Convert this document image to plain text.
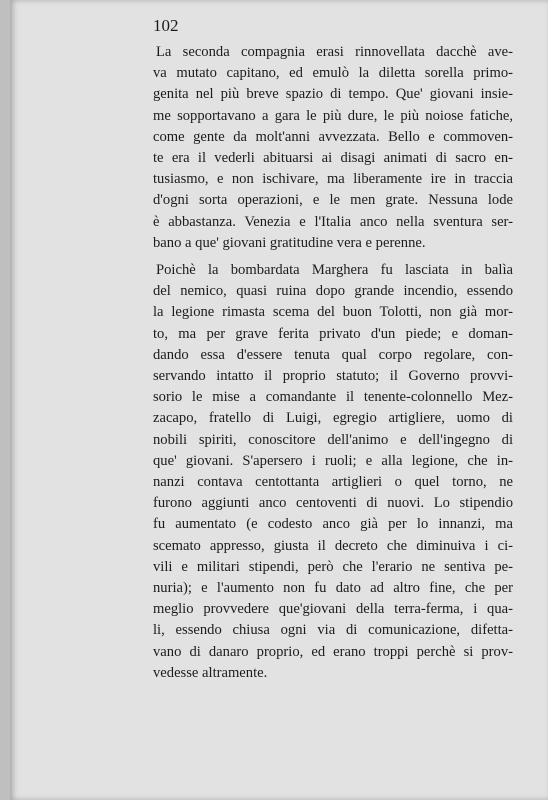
102
La seconda compagnia erasi rinnovellata dacchè ave-
va mutato capitano, ed emulò la diletta sorella primo-
genita nel più breve spazio di tempo. Que' giovani insie-
me sopportavano a gara le più dure, le più noiose fatiche,
come gente da molt'anni avvezzata. Bello e commoven-
te era il vederli abituarsi ai disagi animati di sacro en-
tusiasmo, e non ischivare, ma liberamente ire in traccia
d'ogni sorta operazioni, e le men grate. Nessuna lode
è abbastanza. Venezia e l'Italia anco nella sventura ser-
bano a que' giovani gratitudine vera e perenne.
Poichè la bombardata Marghera fu lasciata in balìa
del nemico, quasi ruina dopo grande incendio, essendo
la legione rimasta scema del buon Tolotti, non già mor-
to, ma per grave ferita privato d'un piede; e doman-
dando essa d'essere tenuta qual corpo regolare, con-
servando intatto il proprio statuto; il Governo provvi-
sorio le mise a comandante il tenente-colonnello Mez-
zacapo, fratello di Luigi, egregio artigliere, uomo di
nobili spiriti, conoscitore dell'animo e dell'ingegno di
que' giovani. S'apersero i ruoli; e alla legione, che in-
nanzi contava centottanta artiglieri o quel torno, ne
furono aggiunti anco centoventi di nuovi. Lo stipendio
fu aumentato (e codesto anco già per lo innanzi, ma
scemato appresso, giusta il decreto che diminuiva i ci-
vili e militari stipendi, però che l'erario ne sentiva pe-
nuria); e l'aumento non fu dato ad altro fine, che per
meglio provvedere que'giovani della terra-ferma, i qua-
li, essendo chiusa ogni via di comunicazione, difetta-
vano di danaro proprio, ed erano troppi perchè si prov-
vedesse altramente.
